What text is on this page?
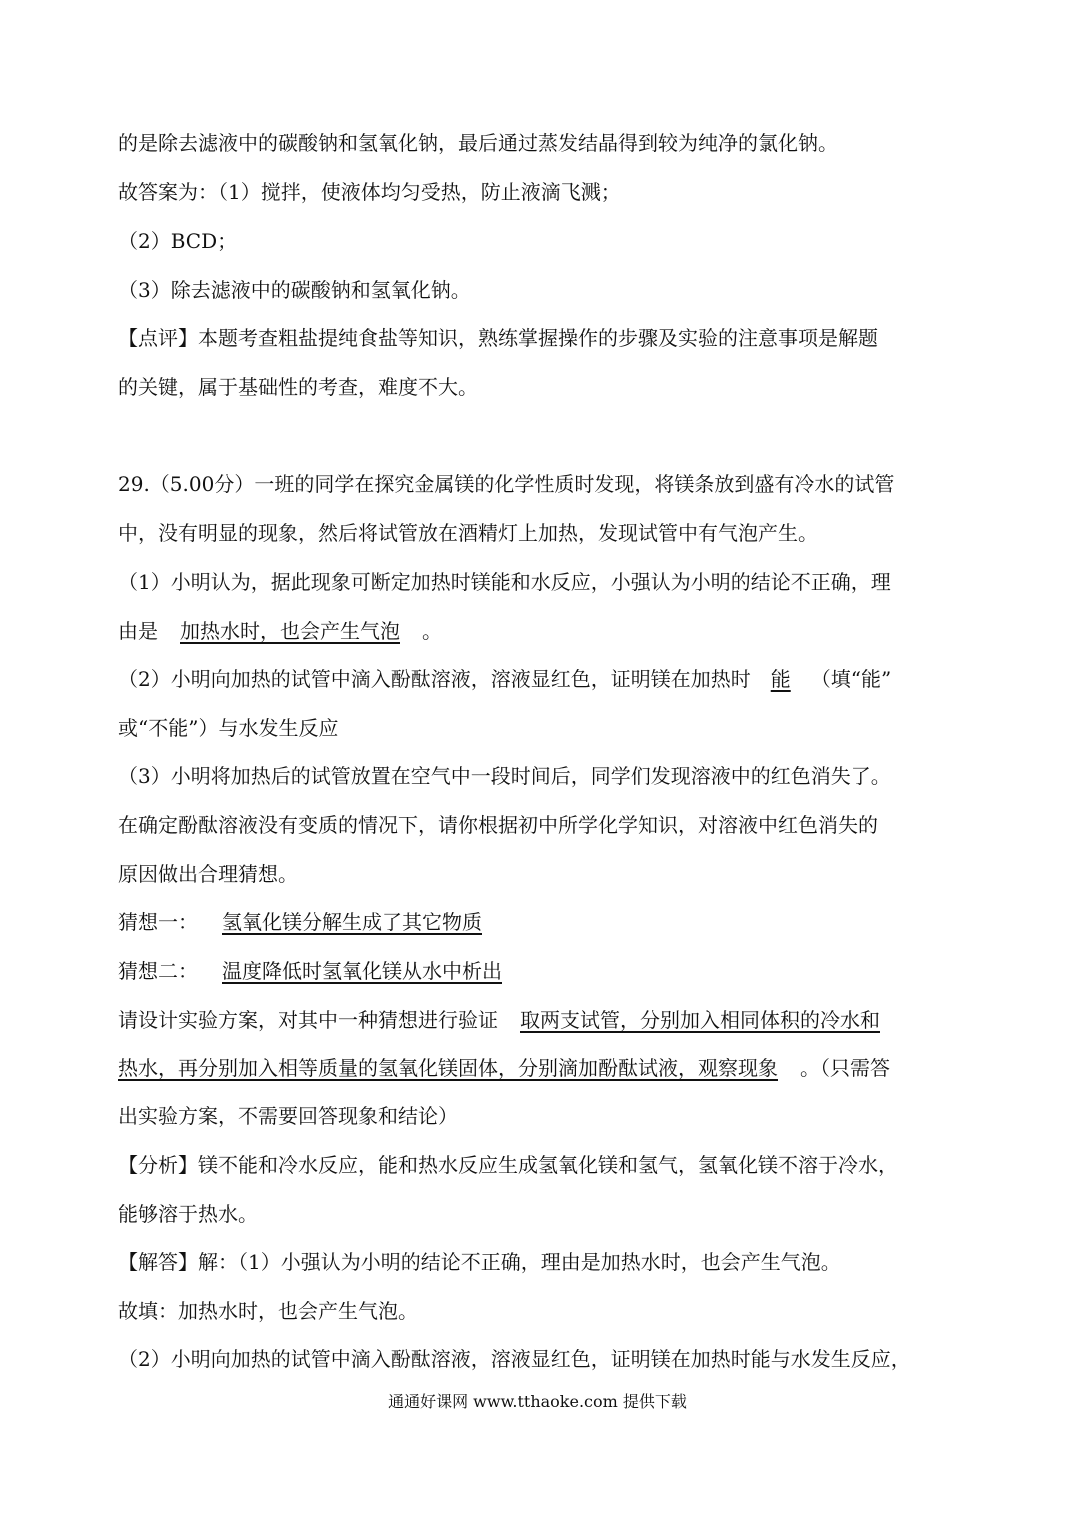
的是除去滤液中的碳酸钠和氢氧化钠，最后通过蒸发结晶得到较为纯净的氯化钠。
故答案为：（1）搅拌，使液体均匀受热，防止液滴飞溅；
（2）BCD；
（3）除去滤液中的碳酸钠和氢氧化钠。
【点评】本题考查粗盐提纯食盐等知识，熟练掌握操作的步骤及实验的注意事项是解题
的关键，属于基础性的考查，难度不大。
29.（5.00分）一班的同学在探究金属镁的化学性质时发现，将镁条放到盛有冷水的试管
中，没有明显的现象，然后将试管放在酒精灯上加热，发现试管中有气泡产生。
（1）小明认为，据此现象可断定加热时镁能和水反应，小强认为小明的结论不正确，理
由是 加热水时，也会产生气泡 。
（2）小明向加热的试管中滴入酚酞溶液，溶液显红色，证明镁在加热时 能 （填“能”
或“不能”）与水发生反应
（3）小明将加热后的试管放置在空气中一段时间后，同学们发现溶液中的红色消失了。
在确定酚酞溶液没有变质的情况下，请你根据初中所学化学知识，对溶液中红色消失的
原因做出合理猜想。
猜想一： 氢氧化镁分解生成了其它物质
猜想二： 温度降低时氢氧化镁从水中析出
请设计实验方案，对其中一种猜想进行验证 取两支试管，分别加入相同体积的冷水和
热水，再分别加入相等质量的氢氧化镁固体，分别滴加酚酞试液，观察现象 。（只需答
出实验方案，不需要回答现象和结论）
【分析】镁不能和冷水反应，能和热水反应生成氢氧化镁和氢气，氢氧化镁不溶于冷水，
能够溶于热水。
【解答】解：（1）小强认为小明的结论不正确，理由是加热水时，也会产生气泡。
故填：加热水时，也会产生气泡。
（2）小明向加热的试管中滴入酚酞溶液，溶液显红色，证明镁在加热时能与水发生反应，
通通好课网 www.tthaoke.com 提供下载
